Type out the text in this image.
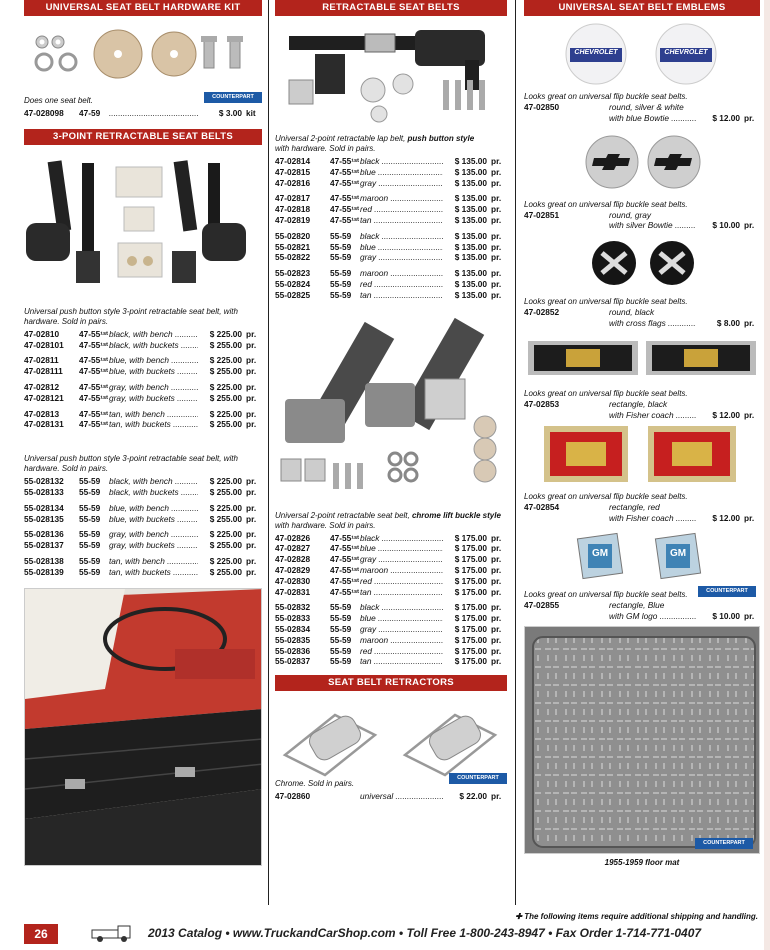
UNIVERSAL SEAT BELT HARDWARE KIT
Does one seat belt.	COUNTERPART
47-028098	47-59
.....	$ 3.00 kit
3-POINT RETRACTABLE SEAT BELTS
Universal push button style 3-point retractable seat belt, with hardware. Sold in pairs.
47-02810	47-55¹ˢᵗ black, with bench .....	$ 225.00 pr.
47-028101	47-55¹ˢᵗ black, with buckets .....	$ 255.00 pr.
47-02811	47-55¹ˢᵗ blue, with bench .....	$ 225.00 pr.
47-028111	47-55¹ˢᵗ blue, with buckets .....	$ 255.00 pr.
47-02812	47-55¹ˢᵗ gray, with bench .....	$ 225.00 pr.
47-028121	47-55¹ˢᵗ gray, with buckets .....	$ 255.00 pr.
47-02813	47-55¹ˢᵗ tan, with bench .....	$ 225.00 pr.
47-028131	47-55¹ˢᵗ tan, with buckets .....	$ 255.00 pr.
Universal push button style 3-point retractable seat belt, with hardware. Sold in pairs.
55-028132	55-59	black, with bench .....	$ 225.00 pr.
55-028133	55-59	black, with buckets .....	$ 255.00 pr.
55-028134	55-59	blue, with bench .....	$ 225.00 pr.
55-028135	55-59	blue, with buckets .....	$ 255.00 pr.
55-028136	55-59	gray, with bench .....	$ 225.00 pr.
55-028137	55-59	gray, with buckets .....	$ 255.00 pr.
55-028138	55-59	tan, with bench .....	$ 225.00 pr.
55-028139	55-59	tan, with buckets .....	$ 255.00 pr.
RETRACTABLE SEAT BELTS
Universal 2-point retractable lap belt, push button style
with hardware. Sold in pairs.
47-02814	47-55¹ˢᵗ black .....	$ 135.00 pr.
47-02815	47-55¹ˢᵗ blue .....	$ 135.00 pr.
47-02816	47-55¹ˢᵗ gray .....	$ 135.00 pr.
47-02817	47-55¹ˢᵗ maroon .....	$ 135.00 pr.
47-02818	47-55¹ˢᵗ red .....	$ 135.00 pr.
47-02819	47-55¹ˢᵗ tan .....	$ 135.00 pr.
55-02820	55-59	black .....	$ 135.00 pr.
55-02821	55-59	blue .....	$ 135.00 pr.
55-02822	55-59	gray .....	$ 135.00 pr.
55-02823	55-59	maroon .....	$ 135.00 pr.
55-02824	55-59	red .....	$ 135.00 pr.
55-02825	55-59	tan .....	$ 135.00 pr.
Universal 2-point retractable seat belt, chrome lift buckle style
with hardware. Sold in pairs.
47-02826	47-55¹ˢᵗ black .....	$ 175.00 pr.
47-02827	47-55¹ˢᵗ blue .....	$ 175.00 pr.
47-02828	47-55¹ˢᵗ gray .....	$ 175.00 pr.
47-02829	47-55¹ˢᵗ maroon .....	$ 175.00 pr.
47-02830	47-55¹ˢᵗ red .....	$ 175.00 pr.
47-02831	47-55¹ˢᵗ tan .....	$ 175.00 pr.
55-02832	55-59	black .....	$ 175.00 pr.
55-02833	55-59	blue .....	$ 175.00 pr.
55-02834	55-59	gray .....	$ 175.00 pr.
55-02835	55-59	maroon .....	$ 175.00 pr.
55-02836	55-59	red .....	$ 175.00 pr.
55-02837	55-59	tan .....	$ 175.00 pr.
SEAT BELT RETRACTORS
Chrome. Sold in pairs.
COUNTERPART
47-02860	universal .....	$ 22.00 pr.
UNIVERSAL SEAT BELT EMBLEMS
CHEVROLET	CHEVROLET
Looks great on universal flip buckle seat belts.
47-02850	round, silver & white
with blue Bowtie .....	$ 12.00 pr.
Looks great on universal flip buckle seat belts.
47-02851	round, gray
with silver Bowtie .....	$ 10.00 pr.
Looks great on universal flip buckle seat belts.
47-02852	round, black
with cross flags .....	$ 8.00 pr.
Looks great on universal flip buckle seat belts.
47-02853	rectangle, black
with Fisher coach .....	$ 12.00 pr.
Looks great on universal flip buckle seat belts.
47-02854	rectangle, red
with Fisher coach .....	$ 12.00 pr.
GM	GM
COUNTERPART
Looks great on universal flip buckle seat belts.
47-02855	rectangle, Blue
with GM logo .....	$ 10.00 pr.
COUNTERPART
1955-1959 floor mat
✚ The following items require additional shipping and handling.
26	2013 Catalog • www.TruckandCarShop.com • Toll Free 1-800-243-8947 • Fax Order 1-714-771-0407
